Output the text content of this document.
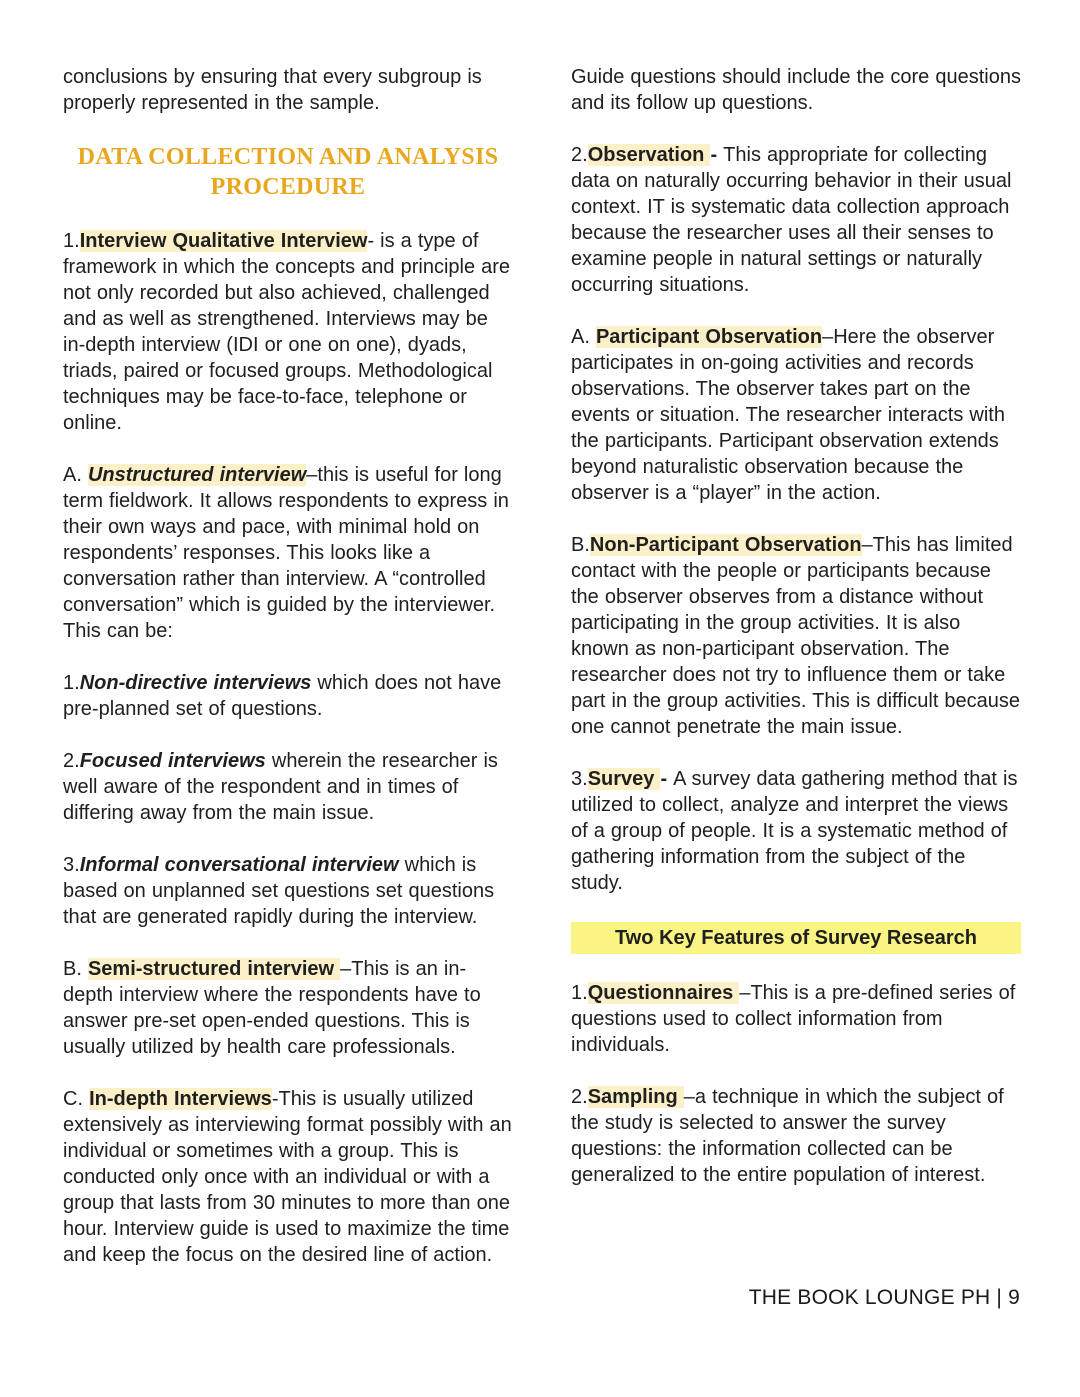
conclusions by ensuring that every subgroup is properly represented in the sample.

DATA COLLECTION AND ANALYSIS PROCEDURE

1.Interview Qualitative Interview- is a type of framework in which the concepts and principle are not only recorded but also achieved, challenged and as well as strengthened. Interviews may be in-depth interview (IDI or one on one), dyads, triads, paired or focused groups. Methodological techniques may be face-to-face, telephone or online.

A. Unstructured interview–this is useful for long term fieldwork. It allows respondents to express in their own ways and pace, with minimal hold on respondents’ responses. This looks like a conversation rather than interview. A “controlled conversation” which is guided by the interviewer. This can be:

1.Non-directive interviews which does not have pre-planned set of questions.

2.Focused interviews wherein the researcher is well aware of the respondent and in times of differing away from the main issue.

3.Informal conversational interview which is based on unplanned set questions set questions that are generated rapidly during the interview.

B. Semi-structured interview –This is an in-depth interview where the respondents have to answer pre-set open-ended questions. This is usually utilized by health care professionals.

C. In-depth Interviews-This is usually utilized extensively as interviewing format possibly with an individual or sometimes with a group. This is conducted only once with an individual or with a group that lasts from 30 minutes to more than one hour. Interview guide is used to maximize the time and keep the focus on the desired line of action.

Guide questions should include the core questions and its follow up questions.

2.Observation - This appropriate for collecting data on naturally occurring behavior in their usual context. IT is systematic data collection approach because the researcher uses all their senses to examine people in natural settings or naturally occurring situations.

A. Participant Observation–Here the observer participates in on-going activities and records observations. The observer takes part on the events or situation. The researcher interacts with the participants. Participant observation extends beyond naturalistic observation because the observer is a “player” in the action.

B.Non-Participant Observation–This has limited contact with the people or participants because the observer observes from a distance without participating in the group activities. It is also known as non-participant observation. The researcher does not try to influence them or take part in the group activities. This is difficult because one cannot penetrate the main issue.

3.Survey - A survey data gathering method that is utilized to collect, analyze and interpret the views of a group of people. It is a systematic method of gathering information from the subject of the study.

Two Key Features of Survey Research

1.Questionnaires –This is a pre-defined series of questions used to collect information from individuals.

2.Sampling –a technique in which the subject of the study is selected to answer the survey questions: the information collected can be generalized to the entire population of interest.

THE BOOK LOUNGE PH | 9
